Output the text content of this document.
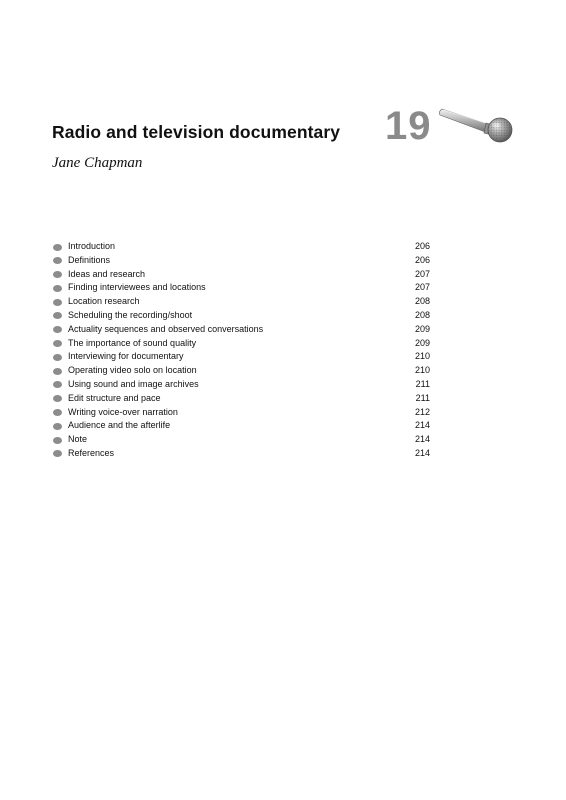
Radio and television documentary 19
Jane Chapman
Introduction	206
Definitions	206
Ideas and research	207
Finding interviewees and locations	207
Location research	208
Scheduling the recording/shoot	208
Actuality sequences and observed conversations	209
The importance of sound quality	209
Interviewing for documentary	210
Operating video solo on location	210
Using sound and image archives	211
Edit structure and pace	211
Writing voice-over narration	212
Audience and the afterlife	214
Note	214
References	214
